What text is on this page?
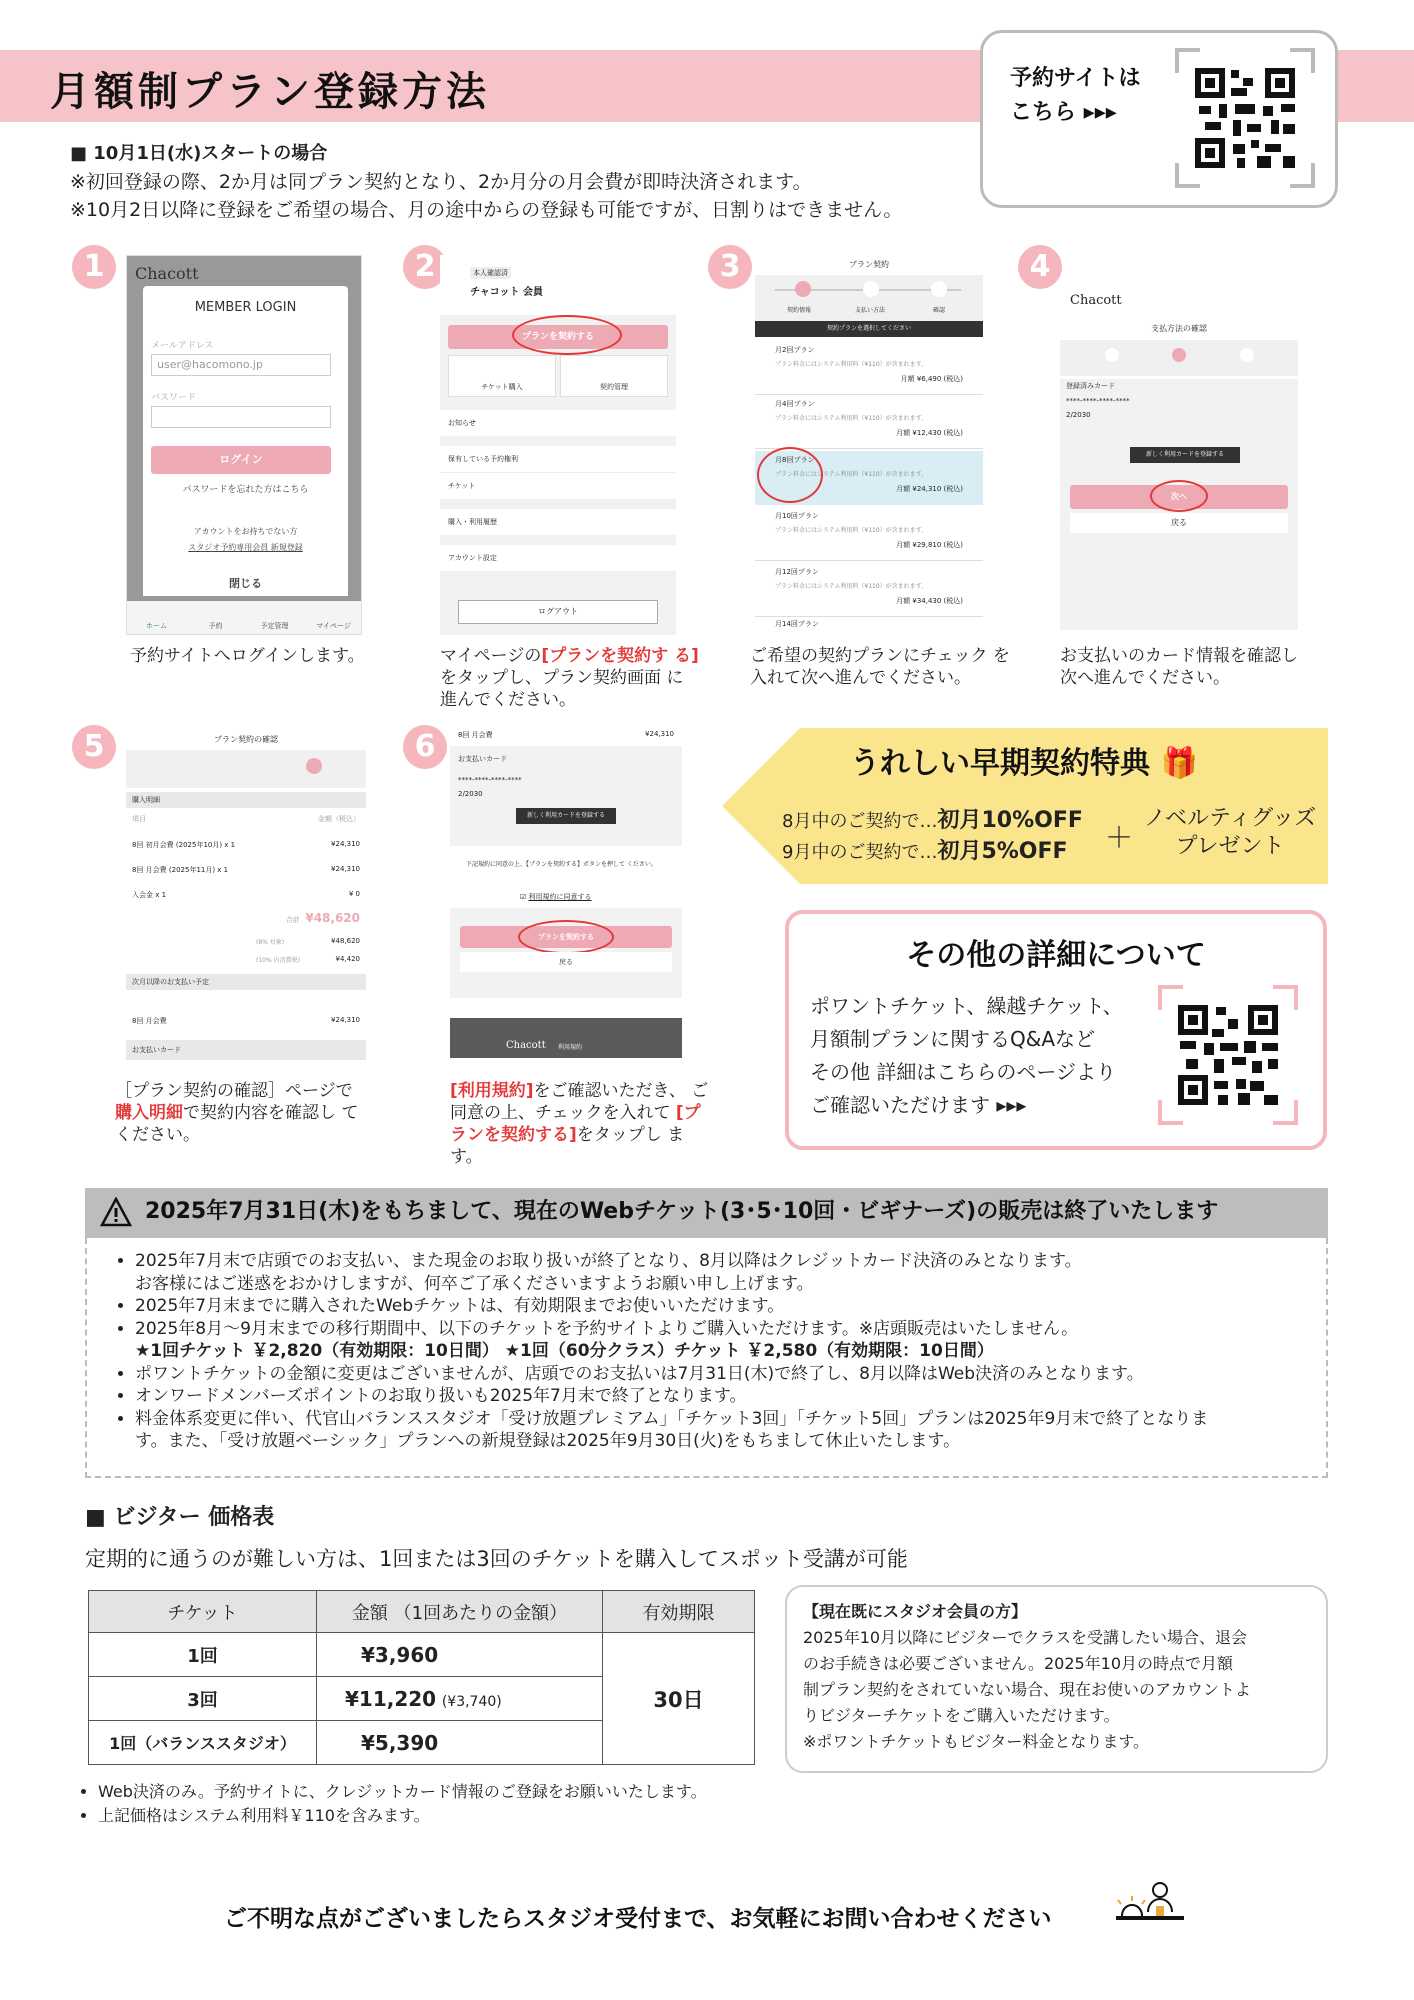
月額制プラン登録方法	予約サイトは
こちら ▸▸▸
■ 10月1日(水)スタートの場合
※初回登録の際、2か月は同プラン契約となり、2か月分の月会費が即時決済されます。
※10月2日以降に登録をご希望の場合、月の途中からの登録も可能ですが、日割りはできません。
1	Chacott
MEMBER LOGIN
メールアドレス
user@hacomono.jp
パスワード
ログイン
パスワードを忘れた方はこちら
アカウントをお持ちでない方
スタジオ予約専用会員 新規登録
閉じる
ホーム	予約	予定管理	マイページ
予約サイトへログインします。
2	本人確認済
チャコット 会員
プランを契約する
チケット購入	契約管理
お知らせ
保有している予約権利
チケット
購入・利用履歴
アカウント設定
ログアウト
マイページの[プランを契約す る]をタップし、プラン契約画面 に進んでください。
3	プラン契約
契約情報	支払い方法	確認
契約プランを選択してください
月2回プラン
プラン料金にはシステム利用料（¥110）が含まれます。
月額 ¥6,490 (税込)
月4回プラン
プラン料金にはシステム利用料（¥110）が含まれます。
月額 ¥12,430 (税込)
月8回プラン
プラン料金にはシステム利用料（¥110）が含まれます。
月額 ¥24,310 (税込)
月10回プラン
プラン料金にはシステム利用料（¥110）が含まれます。
月額 ¥29,810 (税込)
月12回プラン
プラン料金にはシステム利用料（¥110）が含まれます。
月額 ¥34,430 (税込)
月14回プラン
ご希望の契約プランにチェック を入れて次へ進んでください。
4
Chacott
支払方法の確認
登録済みカード
****-****-****-****
2/2030
新しく利用カードを登録する
次へ
戻る
お支払いのカード情報を確認し 次へ進んでください。
5	プラン契約の確認
購入明細
項目	金額（税込）
8回 初月会費 (2025年10月) x 1	¥24,310
8回 月会費 (2025年11月) x 1	¥24,310
入会金 x 1	¥ 0
合計 ¥48,620
(8% 対象)	¥48,620
(10% 内消費税)	¥4,420
次月以降のお支払い予定
8回 月会費	¥24,310
お支払いカード
［プラン契約の確認］ページで 購入明細で契約内容を確認し てください。
6	8回 月会費	¥24,310
お支払いカード
****-****-****-****
2/2030
新しく利用カードを登録する
下記規約に同意の上、【プランを契約する】ボタンを押して ください。
☑ 利用規約に同意する
プランを契約する
戻る
Chacott 利用規約
[利用規約]をご確認いただき、 ご同意の上、チェックを入れて [プランを契約する]をタップし ます。
うれしい早期契約特典 🎁
8月中のご契約で…初月10%OFF
9月中のご契約で…初月5%OFF ＋
ノベルティグッズ
プレゼント
その他の詳細について
ポワントチケット、繰越チケット、
月額制プランに関するQ&Aなど
その他 詳細はこちらのページより
ご確認いただけます ▸▸▸
2025年7月31日(木)をもちまして、現在のWebチケット(3･5･10回・ビギナーズ)の販売は終了いたします
• 2025年7月末で店頭でのお支払い、また現金のお取り扱いが終了となり、8月以降はクレジットカード決済のみとなります。
お客様にはご迷惑をおかけしますが、何卒ご了承くださいますようお願い申し上げます。
• 2025年7月末までに購入されたWebチケットは、有効期限までお使いいただけます。
• 2025年8月～9月末までの移行期間中、以下のチケットを予約サイトよりご購入いただけます。※店頭販売はいたしません。
★1回チケット ￥2,820（有効期限：10日間） ★1回（60分クラス）チケット ￥2,580（有効期限：10日間）
• ポワントチケットの金額に変更はございませんが、店頭でのお支払いは7月31日(木)で終了し、8月以降はWeb決済のみとなります。
• オンワードメンバーズポイントのお取り扱いも2025年7月末で終了となります。
• 料金体系変更に伴い、代官山バランススタジオ「受け放題プレミアム」「チケット3回」「チケット5回」プランは2025年9月末で終了となりま
す。また、「受け放題ベーシック」プランへの新規登録は2025年9月30日(火)をもちまして休止いたします。
■ ビジター 価格表
定期的に通うのが難しい方は、1回または3回のチケットを購入してスポット受講が可能
チケット	金額 （1回あたりの金額）	有効期限
1回	¥3,960	30日
3回	¥11,220 (¥3,740)	
1回（バランススタジオ）	¥5,390	
【現在既にスタジオ会員の方】
2025年10月以降にビジターでクラスを受講したい場合、退会
のお手続きは必要ございません。2025年10月の時点で月額
制プラン契約をされていない場合、現在お使いのアカウントよ
りビジターチケットをご購入いただけます。
※ポワントチケットもビジター料金となります。
• Web決済のみ。予約サイトに、クレジットカード情報のご登録をお願いいたします。
• 上記価格はシステム利用料￥110を含みます。
ご不明な点がございましたらスタジオ受付まで、お気軽にお問い合わせください
